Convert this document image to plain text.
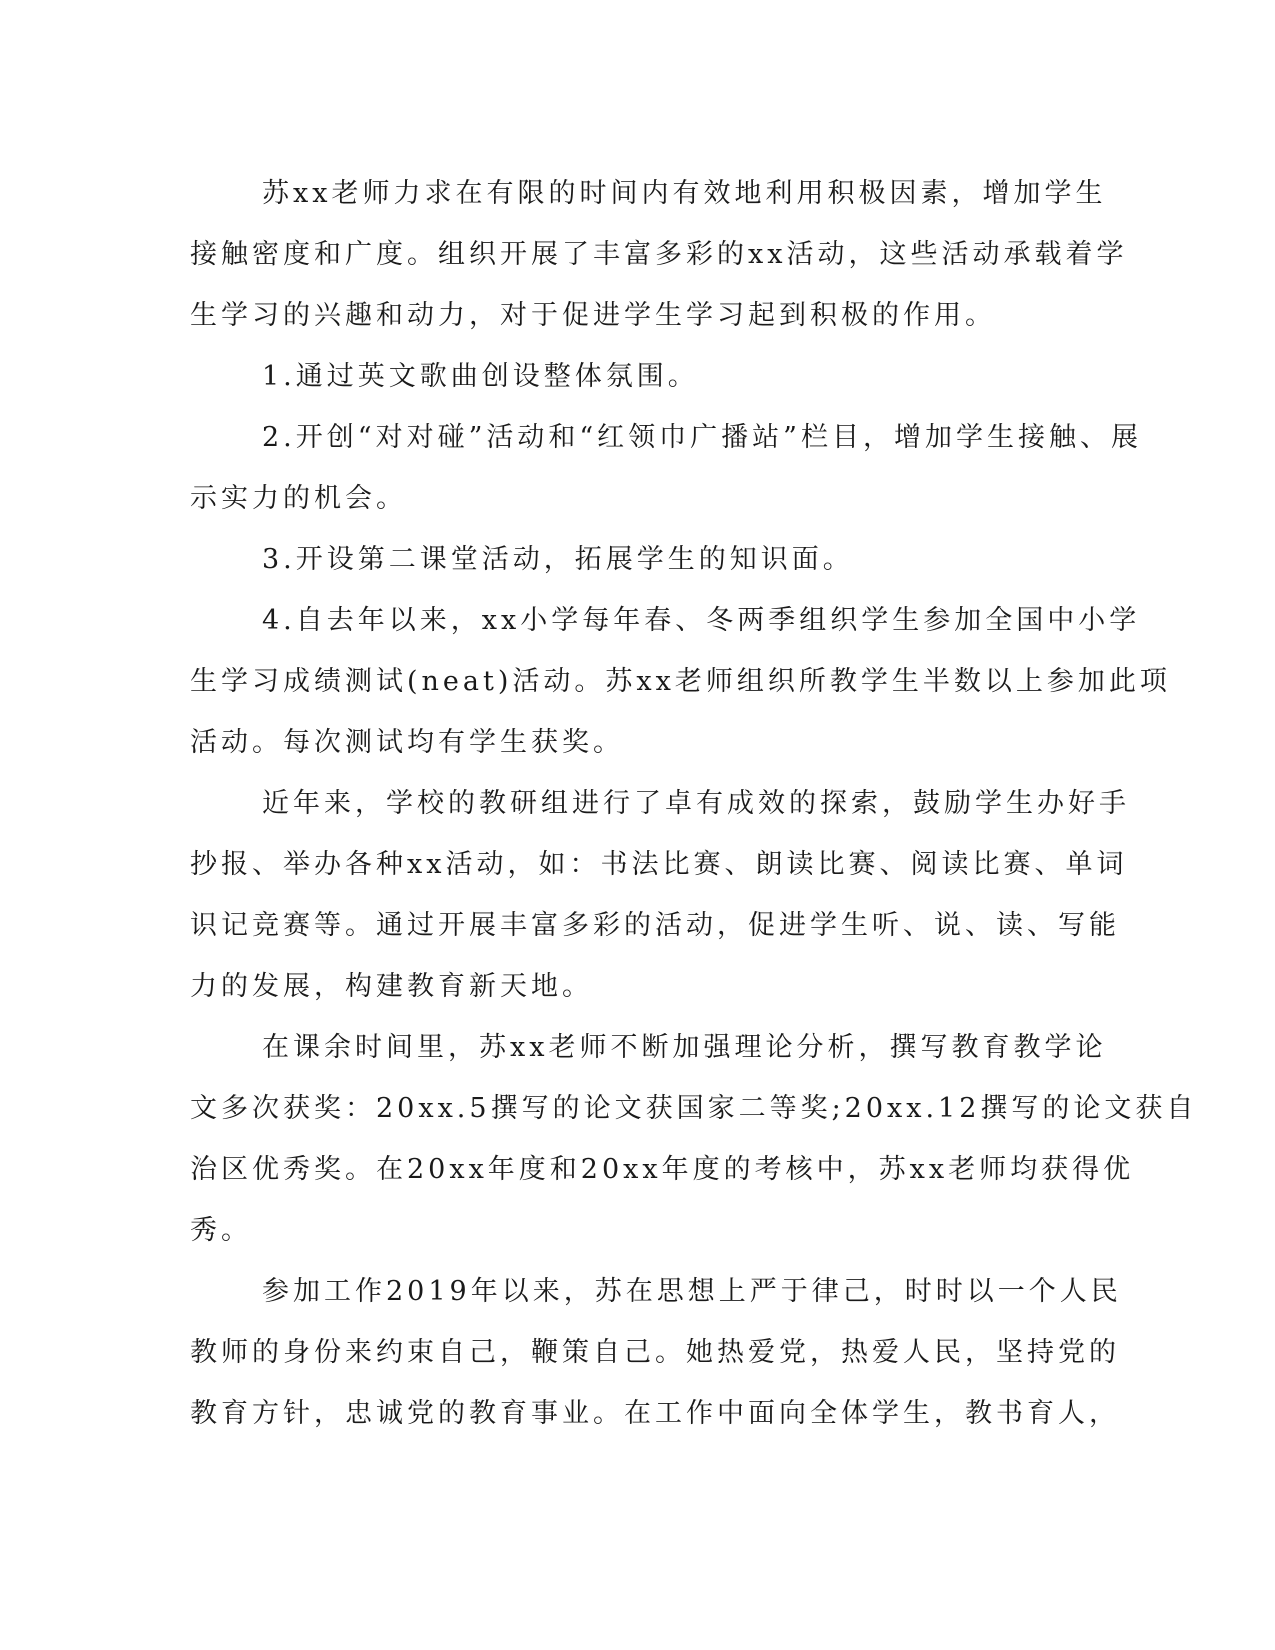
苏xx老师力求在有限的时间内有效地利用积极因素，增加学生
接触密度和广度。组织开展了丰富多彩的xx活动，这些活动承载着学
生学习的兴趣和动力，对于促进学生学习起到积极的作用。
1.通过英文歌曲创设整体氛围。
2.开创“对对碰”活动和“红领巾广播站”栏目，增加学生接触、展
示实力的机会。
3.开设第二课堂活动，拓展学生的知识面。
4.自去年以来，xx小学每年春、冬两季组织学生参加全国中小学
生学习成绩测试(neat)活动。苏xx老师组织所教学生半数以上参加此项
活动。每次测试均有学生获奖。
近年来，学校的教研组进行了卓有成效的探索，鼓励学生办好手
抄报、举办各种xx活动，如：书法比赛、朗读比赛、阅读比赛、单词
识记竞赛等。通过开展丰富多彩的活动，促进学生听、说、读、写能
力的发展，构建教育新天地。
在课余时间里，苏xx老师不断加强理论分析，撰写教育教学论
文多次获奖：20xx.5撰写的论文获国家二等奖;20xx.12撰写的论文获自
治区优秀奖。在20xx年度和20xx年度的考核中，苏xx老师均获得优
秀。
参加工作2019年以来，苏在思想上严于律己，时时以一个人民
教师的身份来约束自己，鞭策自己。她热爱党，热爱人民，坚持党的
教育方针，忠诚党的教育事业。在工作中面向全体学生，教书育人，
